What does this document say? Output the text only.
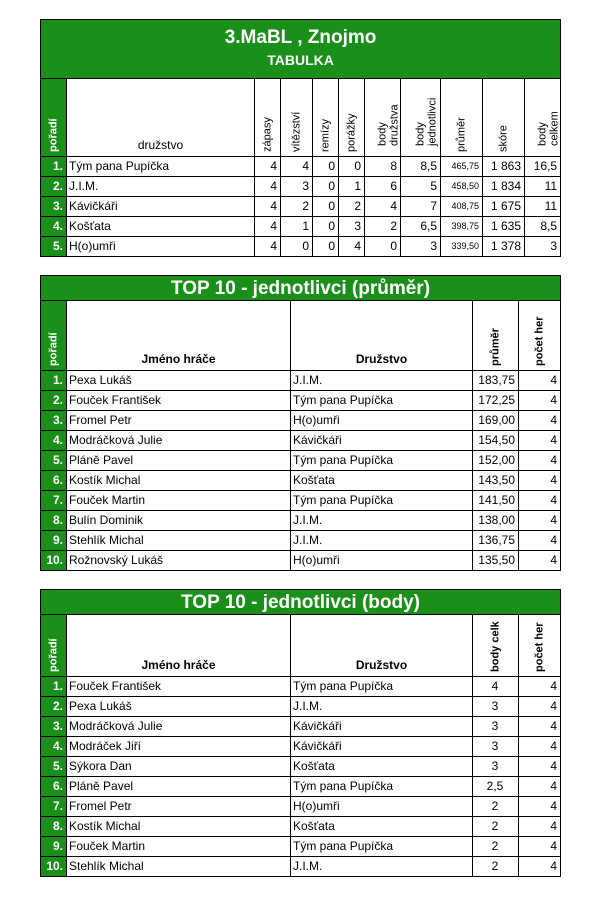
3.MaBL , Znojmo
TABULKA										

pořadí	družstvo	zápasy	vítězství	remízy	porážky	body družstva	body jednotlivci	průměr	skóre	body celkem

1.	Tým pana Pupíčka	4	4	0	0	8	8,5	465,75	1 863	16,5
2.	J.I.M.	4	3	0	1	6	5	458,50	1 834	11
3.	Kávičkáři	4	2	0	2	4	7	408,75	1 675	11
4.	Košťata	4	1	0	3	2	6,5	398,75	1 635	8,5
5.	H(o)umři	4	0	0	4	0	3	339,50	1 378	3
TOP 10 - jednotlivci (průměr)				

pořadí	Jméno hráče	Družstvo	průměr	počet her

1.	Pexa Lukáš	J.I.M.	183,75	4
2.	Fouček František	Tým pana Pupíčka	172,25	4
3.	Fromel Petr	H(o)umři	169,00	4
4.	Modráčková Julie	Kávičkáři	154,50	4
5.	Pláně Pavel	Tým pana Pupíčka	152,00	4
6.	Kostík Michal	Košťata	143,50	4
7.	Fouček Martin	Tým pana Pupíčka	141,50	4
8.	Bulín Dominik	J.I.M.	138,00	4
9.	Stehlík Michal	J.I.M.	136,75	4
10.	Rožnovský Lukáš	H(o)umři	135,50	4
TOP 10 - jednotlivci (body)				

pořadí	Jméno hráče	Družstvo	body celk	počet her

1.	Fouček František	Tým pana Pupíčka	4	4
2.	Pexa Lukáš	J.I.M.	3	4
3.	Modráčková Julie	Kávičkáři	3	4
4.	Modráček Jiří	Kávičkáři	3	4
5.	Sýkora Dan	Košťata	3	4
6.	Pláně Pavel	Tým pana Pupíčka	2,5	4
7.	Fromel Petr	H(o)umři	2	4
8.	Kostík Michal	Košťata	2	4
9.	Fouček Martin	Tým pana Pupíčka	2	4
10.	Stehlík Michal	J.I.M.	2	4
